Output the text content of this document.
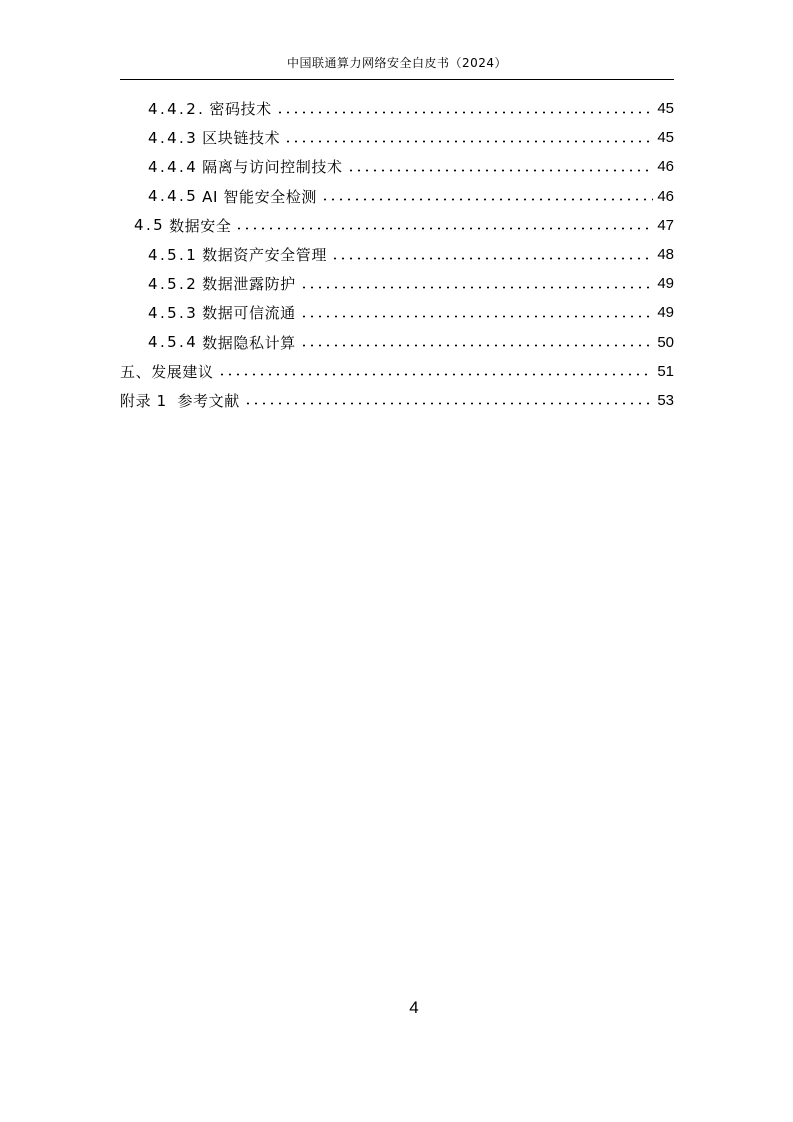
中国联通算力网络安全白皮书（2024）
4.4.2. 密码技术	45
4.4.3 区块链技术	45
4.4.4 隔离与访问控制技术	46
4.4.5 AI 智能安全检测	46
4.5 数据安全	47
4.5.1 数据资产安全管理	48
4.5.2 数据泄露防护	49
4.5.3 数据可信流通	49
4.5.4 数据隐私计算	50
五、发展建议	51
附录 1  参考文献	53
4
